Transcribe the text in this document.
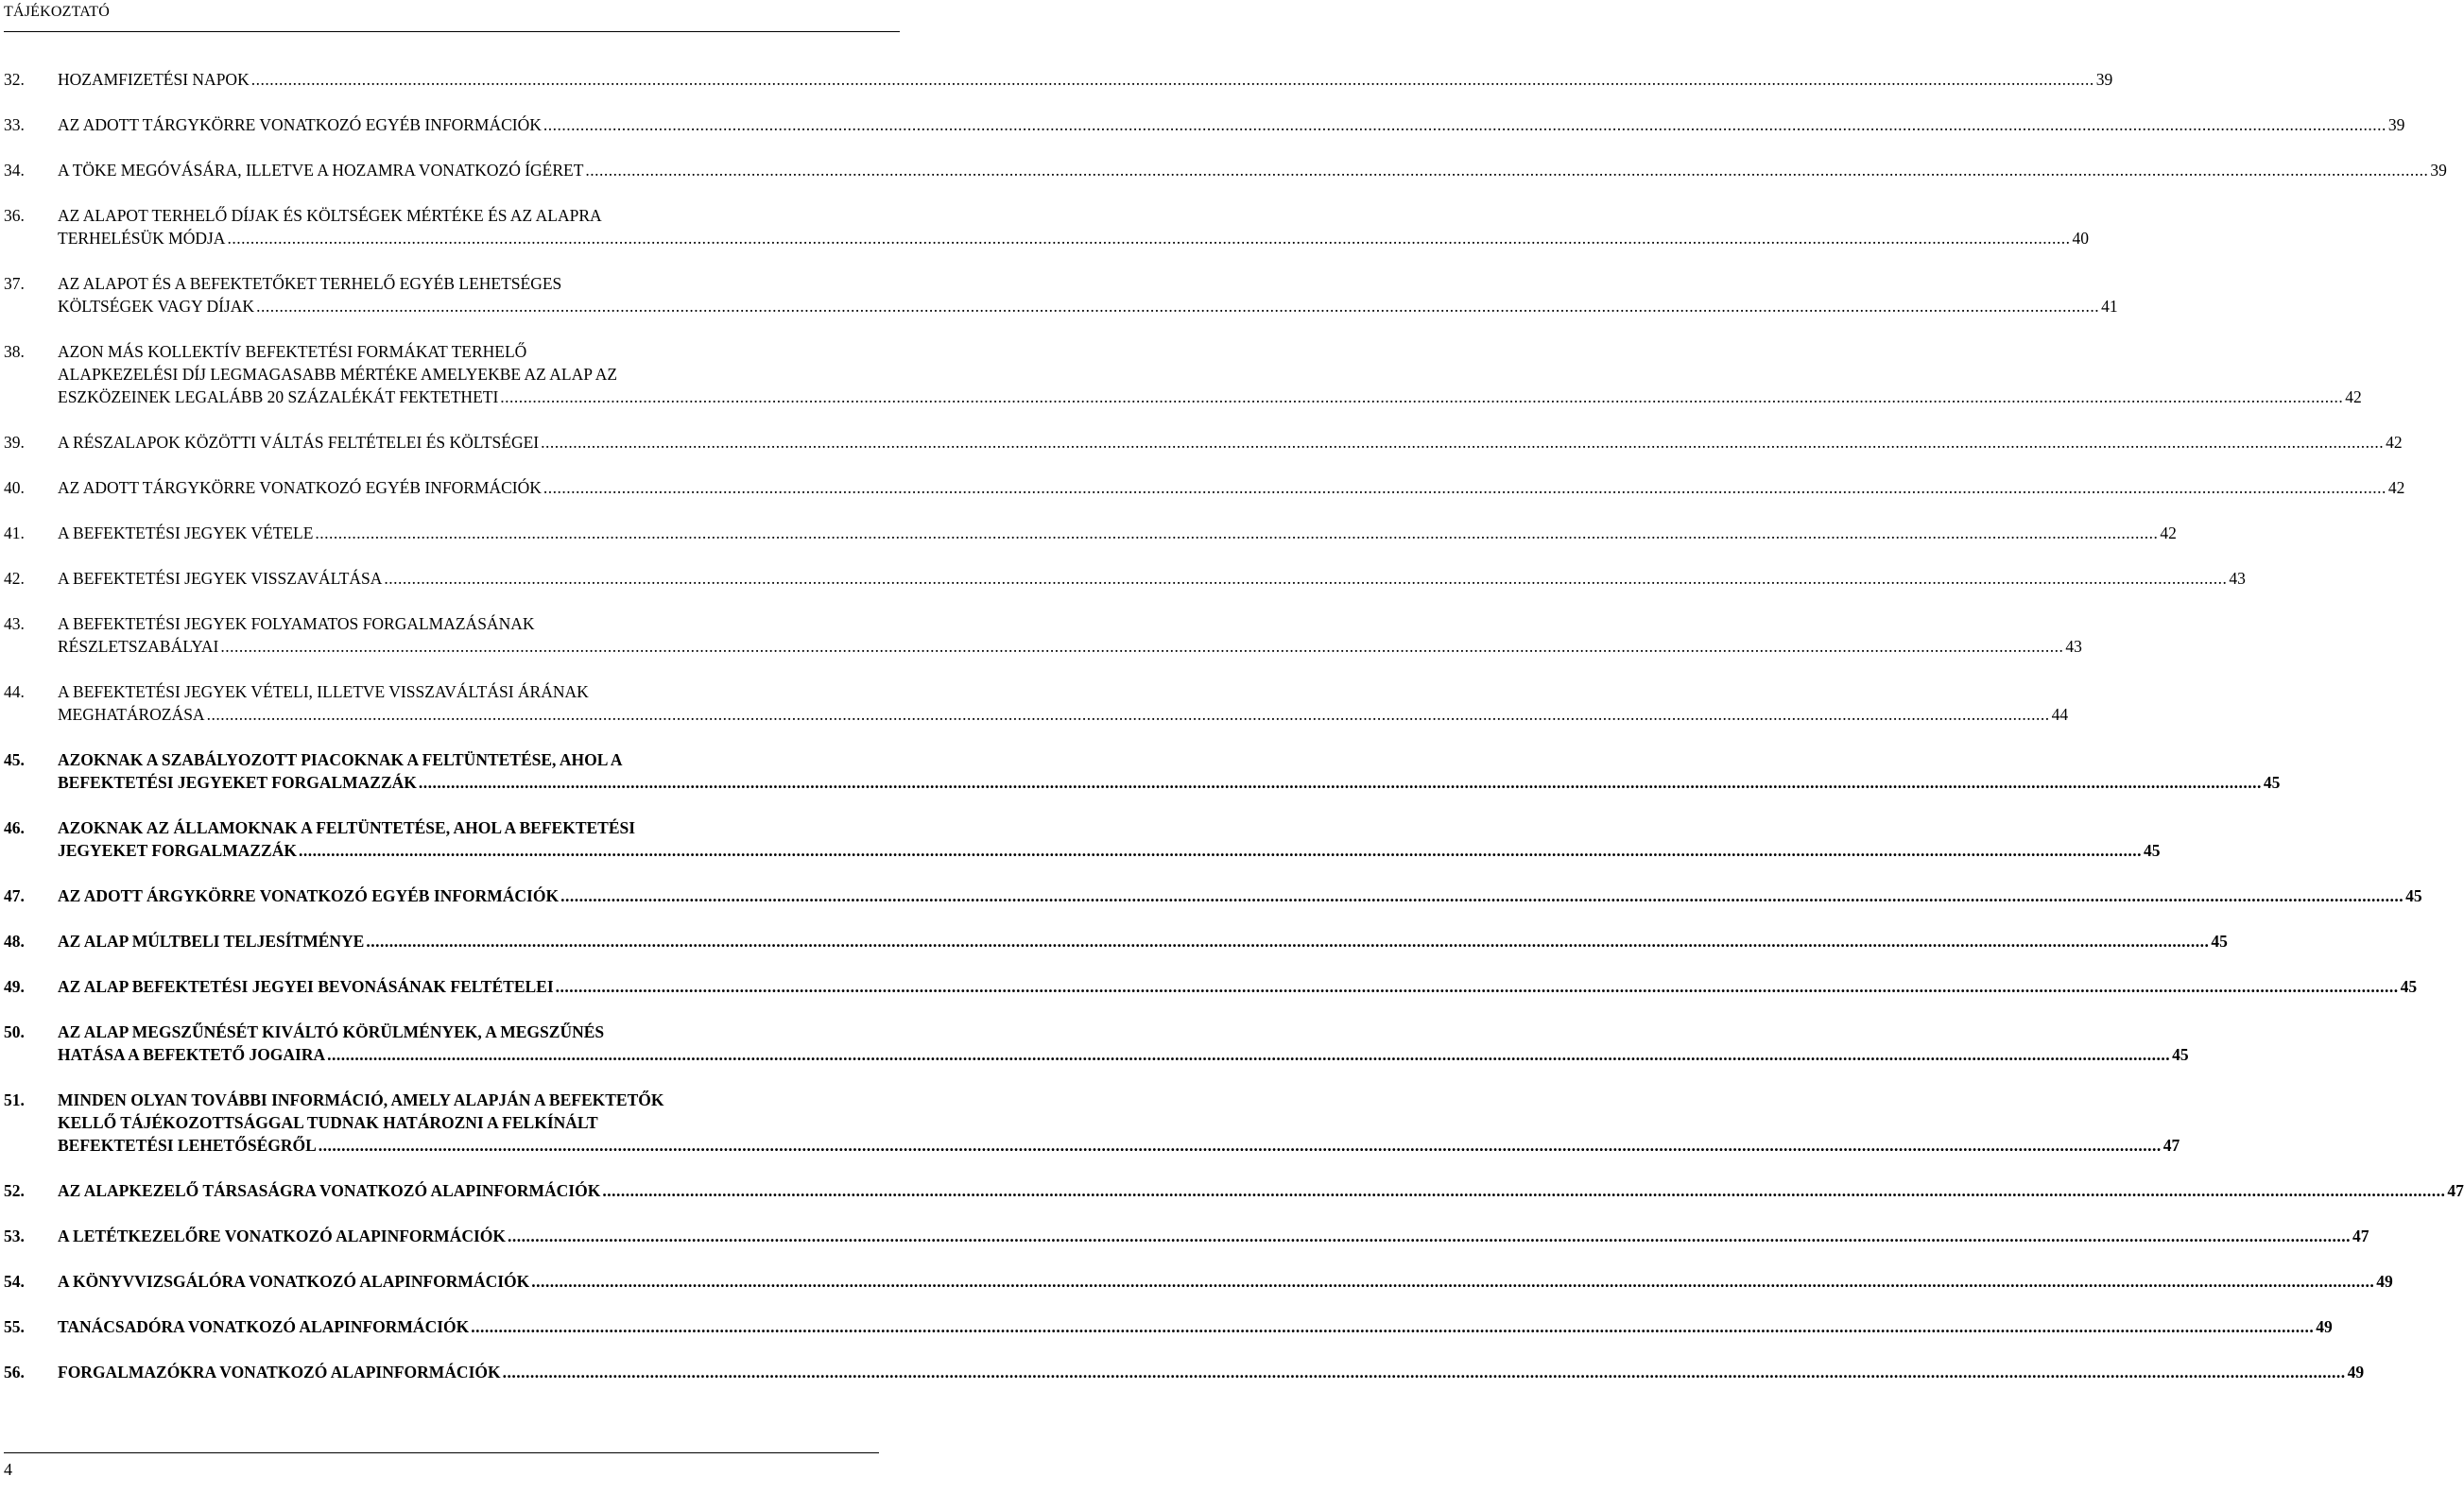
TÁJÉKOZTATÓ
32.	HOZAMFIZETÉSI NAPOK ................................................................................................................................................................................................................................................................................................................................................................................................................ 39
33.	AZ ADOTT TÁRGYKÖRRE VONATKOZÓ EGYÉB INFORMÁCIÓK ................................................................................................................................................................................................................................................................................................................................................................................................................ 39
34.	A TÖKE MEGÓVÁSÁRA, ILLETVE A HOZAMRA VONATKOZÓ ÍGÉRET ................................................................................................................................................................................................................................................................................................................................................................................................................ 39
36.	AZ ALAPOT TERHELŐ DÍJAK ÉS KÖLTSÉGEK MÉRTÉKE ÉS AZ ALAPRA
TERHELÉSÜK MÓDJA ................................................................................................................................................................................................................................................................................................................................................................................................................ 40
37.	AZ ALAPOT ÉS A BEFEKTETŐKET TERHELŐ EGYÉB LEHETSÉGES
KÖLTSÉGEK VAGY DÍJAK ................................................................................................................................................................................................................................................................................................................................................................................................................ 41
38.	AZON MÁS KOLLEKTÍV BEFEKTETÉSI FORMÁKAT TERHELŐ
ALAPKEZELÉSI DÍJ LEGMAGASABB MÉRTÉKE AMELYEKBE AZ ALAP AZ
ESZKÖZEINEK LEGALÁBB 20 SZÁZALÉKÁT FEKTETHETI ................................................................................................................................................................................................................................................................................................................................................................................................................ 42
39.	A RÉSZALAPOK KÖZÖTTI VÁLTÁS FELTÉTELEI ÉS KÖLTSÉGEI ................................................................................................................................................................................................................................................................................................................................................................................................................ 42
40.	AZ ADOTT TÁRGYKÖRRE VONATKOZÓ EGYÉB INFORMÁCIÓK ................................................................................................................................................................................................................................................................................................................................................................................................................ 42
41.	A BEFEKTETÉSI JEGYEK VÉTELE ................................................................................................................................................................................................................................................................................................................................................................................................................ 42
42.	A BEFEKTETÉSI JEGYEK VISSZAVÁLTÁSA ................................................................................................................................................................................................................................................................................................................................................................................................................ 43
43.	A BEFEKTETÉSI JEGYEK FOLYAMATOS FORGALMAZÁSÁNAK
RÉSZLETSZABÁLYAI ................................................................................................................................................................................................................................................................................................................................................................................................................ 43
44.	A BEFEKTETÉSI JEGYEK VÉTELI, ILLETVE VISSZAVÁLTÁSI ÁRÁNAK
MEGHATÁROZÁSA ................................................................................................................................................................................................................................................................................................................................................................................................................ 44
45.	AZOKNAK A SZABÁLYOZOTT PIACOKNAK A FELTÜNTETÉSE, AHOL A
BEFEKTETÉSI JEGYEKET FORGALMAZZÁK ................................................................................................................................................................................................................................................................................................................................................................................................................ 45
46.	AZOKNAK AZ ÁLLAMOKNAK A FELTÜNTETÉSE, AHOL A BEFEKTETÉSI
JEGYEKET FORGALMAZZÁK ................................................................................................................................................................................................................................................................................................................................................................................................................ 45
47.	AZ ADOTT ÁRGYKÖRRE VONATKOZÓ EGYÉB INFORMÁCIÓK ................................................................................................................................................................................................................................................................................................................................................................................................................ 45
48.	AZ ALAP MÚLTBELI TELJESÍTMÉNYE ................................................................................................................................................................................................................................................................................................................................................................................................................ 45
49.	AZ ALAP BEFEKTETÉSI JEGYEI BEVONÁSÁNAK FELTÉTELEI ................................................................................................................................................................................................................................................................................................................................................................................................................ 45
50.	AZ ALAP MEGSZŰNÉSÉT KIVÁLTÓ KÖRÜLMÉNYEK, A MEGSZŰNÉS
HATÁSA A BEFEKTETŐ JOGAIRA ................................................................................................................................................................................................................................................................................................................................................................................................................ 45
51.	MINDEN OLYAN TOVÁBBI INFORMÁCIÓ, AMELY ALAPJÁN A BEFEKTETŐK
KELLŐ TÁJÉKOZOTTSÁGGAL TUDNAK HATÁROZNI A FELKÍNÁLT
BEFEKTETÉSI LEHETŐSÉGRŐL ................................................................................................................................................................................................................................................................................................................................................................................................................ 47
52.	AZ ALAPKEZELŐ TÁRSASÁGRA VONATKOZÓ ALAPINFORMÁCIÓK ................................................................................................................................................................................................................................................................................................................................................................................................................ 47
53.	A LETÉTKEZELŐRE VONATKOZÓ ALAPINFORMÁCIÓK ................................................................................................................................................................................................................................................................................................................................................................................................................ 47
54.	A KÖNYVVIZSGÁLÓRA VONATKOZÓ ALAPINFORMÁCIÓK ................................................................................................................................................................................................................................................................................................................................................................................................................ 49
55.	TANÁCSADÓRA VONATKOZÓ ALAPINFORMÁCIÓK ................................................................................................................................................................................................................................................................................................................................................................................................................ 49
56.	FORGALMAZÓKRA VONATKOZÓ ALAPINFORMÁCIÓK ................................................................................................................................................................................................................................................................................................................................................................................................................ 49
4
